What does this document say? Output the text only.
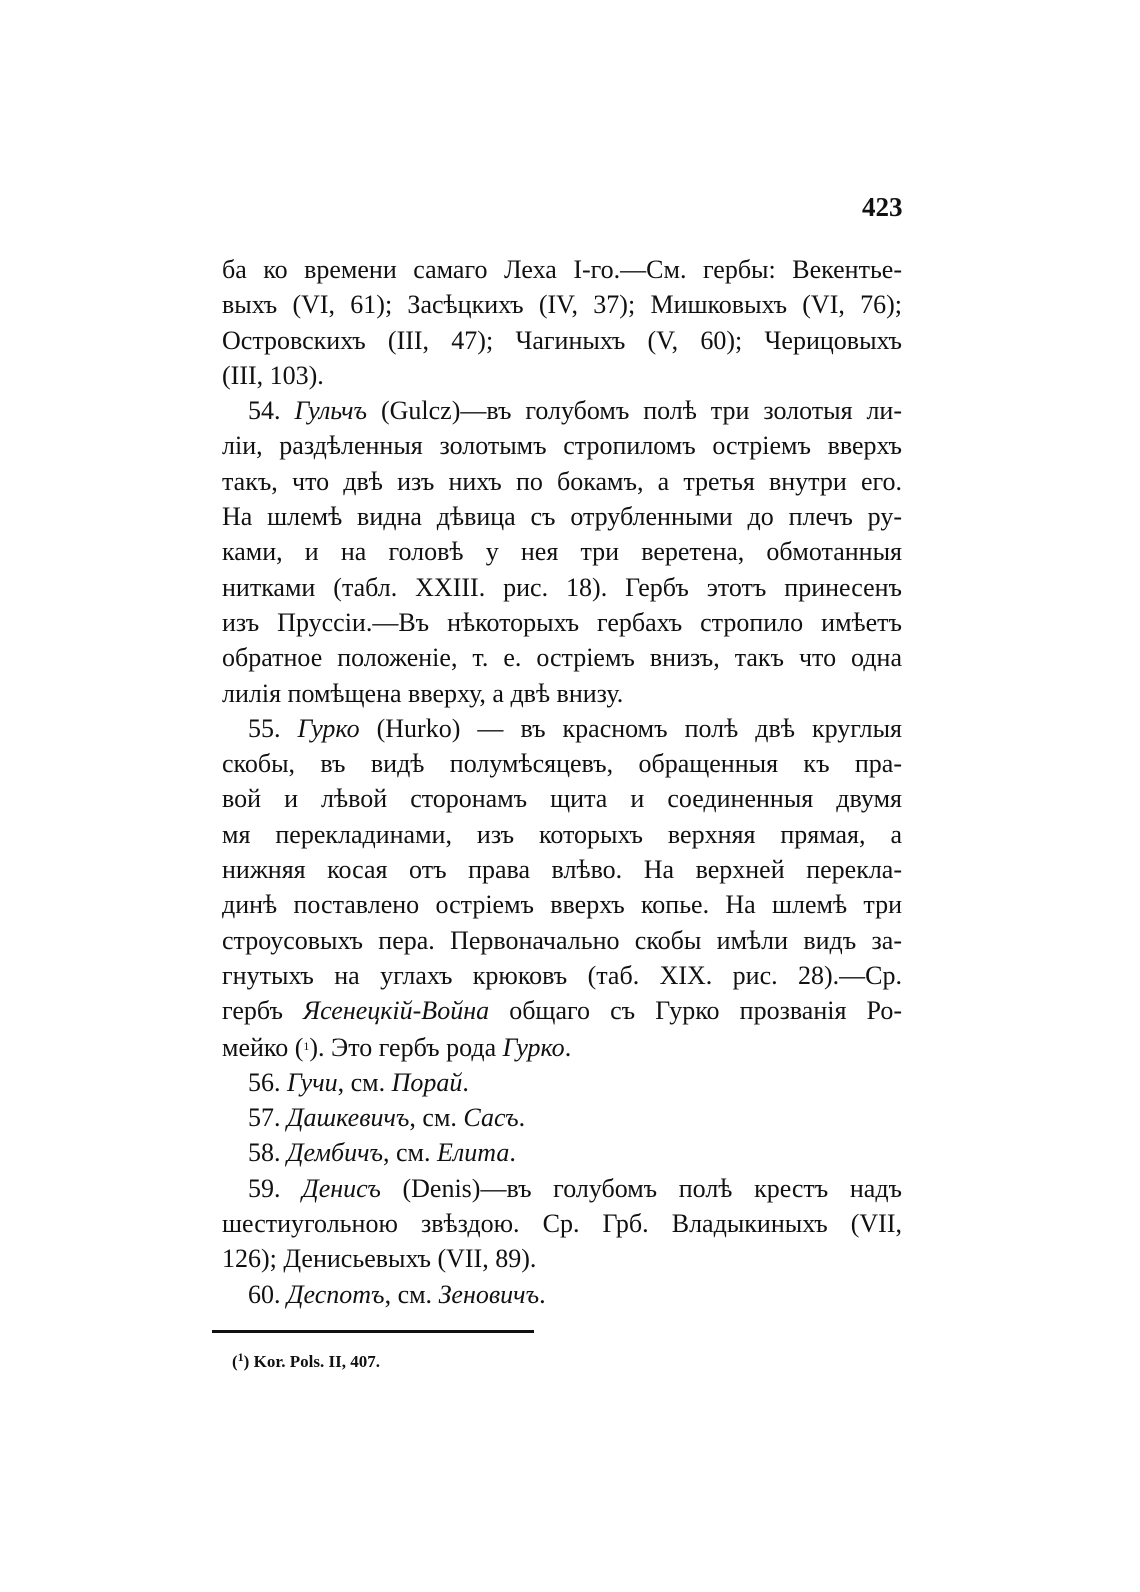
423

ба ко времени самаго Леха І-го.—См. гербы: Векентье-
выхъ (VI, 61); Засѣцкихъ (IV, 37); Мишковыхъ (VI, 76);
Островскихъ (III, 47); Чагиныхъ (V, 60); Черицовыхъ
(III, 103).

54. Гульчъ (Gulcz)—въ голубомъ полѣ три золотыя ли-
ліи, раздѣленныя золотымъ стропиломъ остріемъ вверхъ
такъ, что двѣ изъ нихъ по бокамъ, а третья внутри его.
На шлемѣ видна дѣвица съ отрубленными до плечъ ру-
ками, и на головѣ у нея три веретена, обмотанныя
нитками (табл. XXIII. рис. 18). Гербъ этотъ принесенъ
изъ Пруссіи.—Въ нѣкоторыхъ гербахъ стропило имѣетъ
обратное положеніе, т. е. остріемъ внизъ, такъ что одна
лилія помѣщена вверху, а двѣ внизу.

55. Гурко (Hurko) — въ красномъ полѣ двѣ круглыя
скобы, въ видѣ полумѣсяцевъ, обращенныя къ пра-
вой и лѣвой сторонамъ щита и соединенныя двумя
мя перекладинами, изъ которыхъ верхняя прямая, а
нижняя косая отъ права влѣво. На верхней перекла-
динѣ поставлено остріемъ вверхъ копье. На шлемѣ три
строусовыхъ пера. Первоначально скобы имѣли видъ за-
гнутыхъ на углахъ крюковъ (таб. XIX. рис. 28).—Ср.
гербъ Ясенецкій-Война общаго съ Гурко прозванія Ро-
мейко ($^1$). Это гербъ рода Гурко.

56. Гучи, см. Порай.

57. Дашкевичъ, см. Сасъ.

58. Дембичъ, см. Елита.

59. Денисъ (Denis)—въ голубомъ полѣ крестъ надъ
шестиугольною звѣздою. Ср. Грб. Владыкиныхъ (VII,
126); Денисьевыхъ (VII, 89).

60. Деспотъ, см. Зеновичъ.

($^1$) Kor. Pols. II, 407.
